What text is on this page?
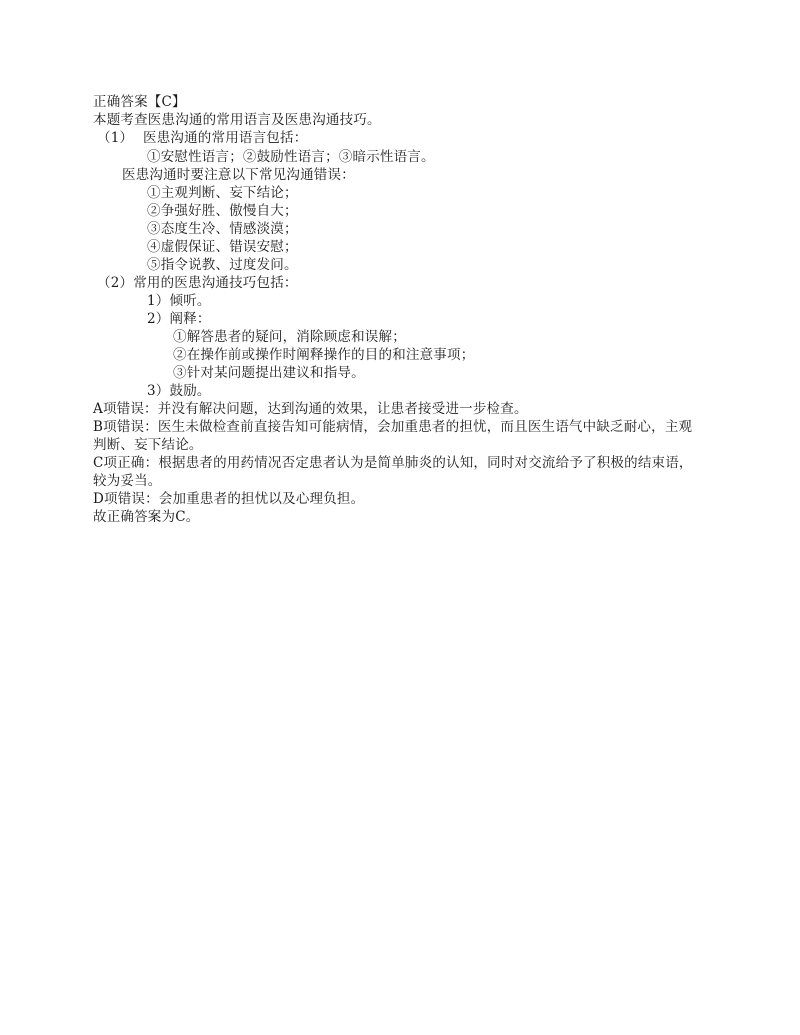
正确答案【C】
本题考查医患沟通的常用语言及医患沟通技巧。
（1） 医患沟通的常用语言包括：
①安慰性语言；②鼓励性语言；③暗示性语言。
医患沟通时要注意以下常见沟通错误：
①主观判断、妄下结论；
②争强好胜、傲慢自大；
③态度生冷、情感淡漠；
④虚假保证、错误安慰；
⑤指令说教、过度发问。
（2）常用的医患沟通技巧包括：
1）倾听。
2）阐释：
①解答患者的疑问，消除顾虑和误解；
②在操作前或操作时阐释操作的目的和注意事项；
③针对某问题提出建议和指导。
3）鼓励。
A项错误：并没有解决问题，达到沟通的效果，让患者接受进一步检查。
B项错误：医生未做检查前直接告知可能病情，会加重患者的担忧，而且医生语气中缺乏耐心，主观
判断、妄下结论。
C项正确：根据患者的用药情况否定患者认为是简单肺炎的认知，同时对交流给予了积极的结束语，
较为妥当。
D项错误：会加重患者的担忧以及心理负担。
故正确答案为C。
